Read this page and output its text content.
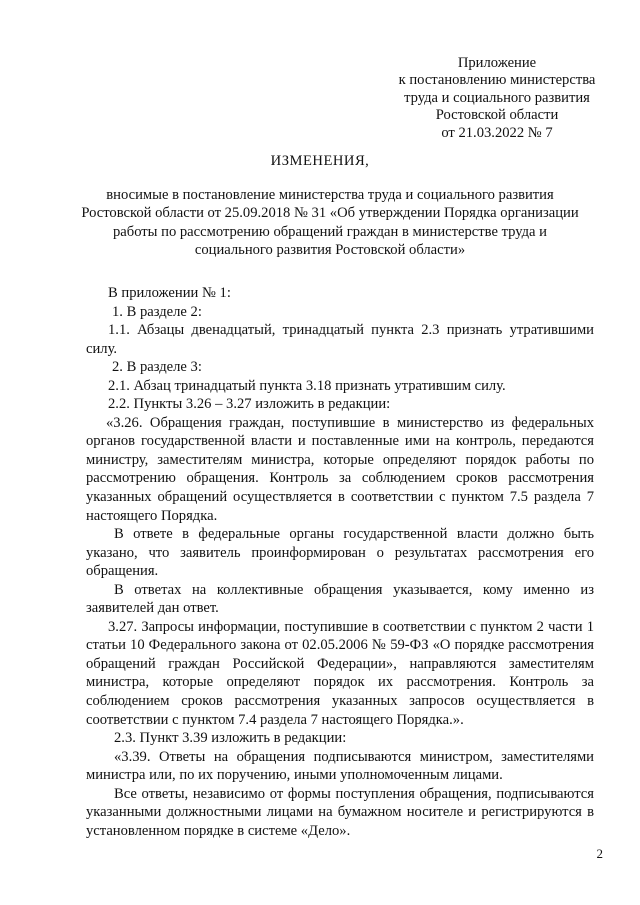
Приложение
к постановлению министерства
труда и социального развития
Ростовской области
от 21.03.2022 № 7
ИЗМЕНЕНИЯ,
вносимые в постановление министерства труда и социального развития
Ростовской области от 25.09.2018 № 31 «Об утверждении Порядка организации
работы по рассмотрению обращений граждан в министерстве труда и
социального развития Ростовской области»

В приложении № 1:

1. В разделе 2:

1.1. Абзацы двенадцатый, тринадцатый пункта 2.3 признать утратившими силу.

2. В разделе 3:

2.1. Абзац тринадцатый пункта 3.18 признать утратившим силу.

2.2. Пункты 3.26 – 3.27 изложить в редакции:

«3.26. Обращения граждан, поступившие в министерство из федеральных органов государственной власти и поставленные ими на контроль, передаются министру, заместителям министра, которые определяют порядок работы по рассмотрению обращения. Контроль за соблюдением сроков рассмотрения указанных обращений осуществляется в соответствии с пунктом 7.5 раздела 7 настоящего Порядка.

В ответе в федеральные органы государственной власти должно быть указано, что заявитель проинформирован о результатах рассмотрения его обращения.

В ответах на коллективные обращения указывается, кому именно из заявителей дан ответ.

3.27. Запросы информации, поступившие в соответствии с пунктом 2 части 1 статьи 10 Федерального закона от 02.05.2006 № 59-ФЗ «О порядке рассмотрения обращений граждан Российской Федерации», направляются заместителям министра, которые определяют порядок их рассмотрения. Контроль за соблюдением сроков рассмотрения указанных запросов осуществляется в соответствии с пунктом 7.4 раздела 7 настоящего Порядка.».

2.3. Пункт 3.39 изложить в редакции:

«3.39. Ответы на обращения подписываются министром, заместителями министра или, по их поручению, иными уполномоченным лицами.

Все ответы, независимо от формы поступления обращения, подписываются указанными должностными лицами на бумажном носителе и регистрируются в установленном порядке в системе «Дело».

2
